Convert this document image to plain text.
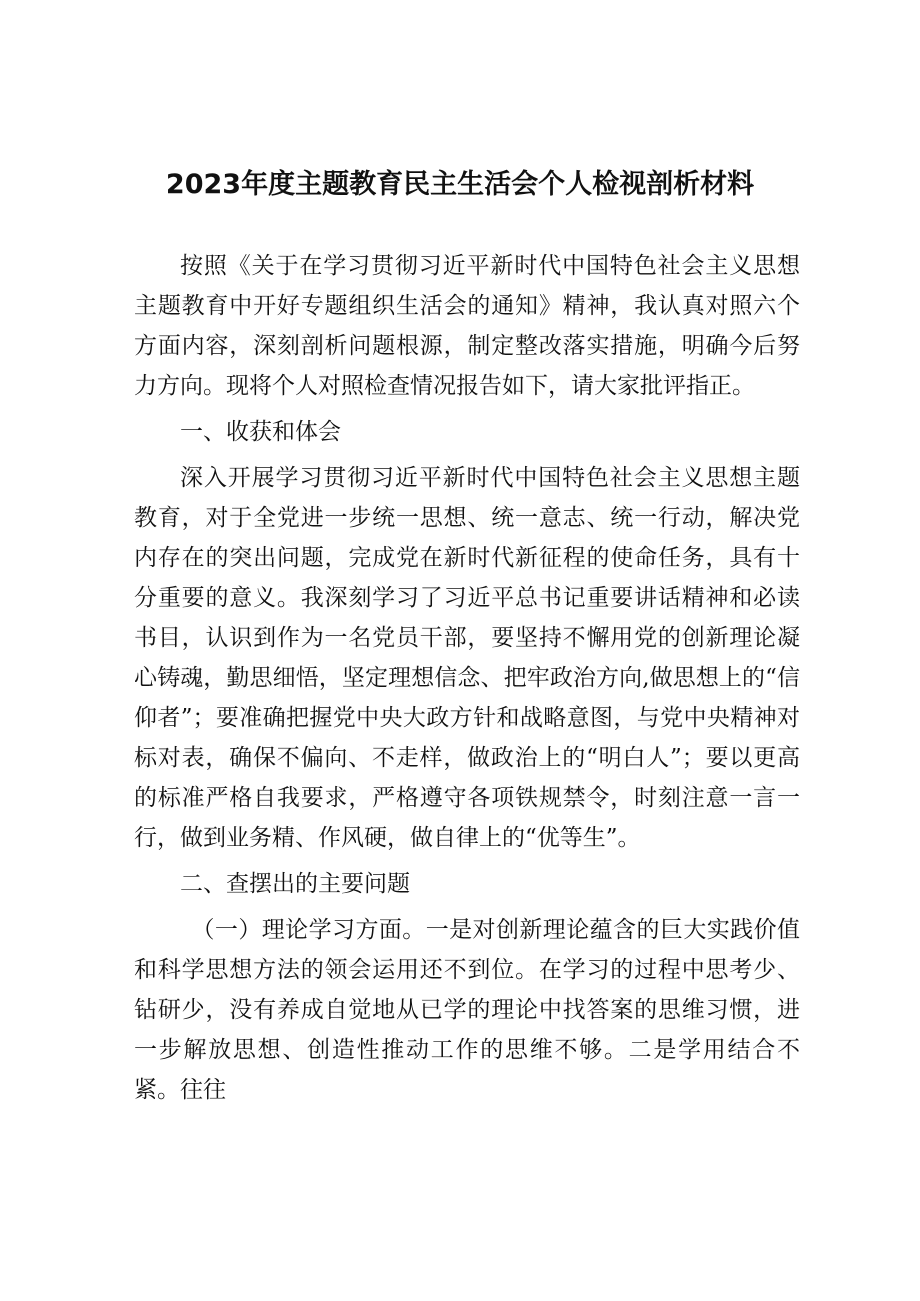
2023年度主题教育民主生活会个人检视剖析材料

按照《关于在学习贯彻习近平新时代中国特色社会主义思想主题教育中开好专题组织生活会的通知》精神，我认真对照六个方面内容，深刻剖析问题根源，制定整改落实措施，明确今后努力方向。现将个人对照检查情况报告如下，请大家批评指正。

一、收获和体会

深入开展学习贯彻习近平新时代中国特色社会主义思想主题教育，对于全党进一步统一思想、统一意志、统一行动，解决党内存在的突出问题，完成党在新时代新征程的使命任务，具有十分重要的意义。我深刻学习了习近平总书记重要讲话精神和必读书目，认识到作为一名党员干部，要坚持不懈用党的创新理论凝心铸魂，勤思细悟，坚定理想信念、把牢政治方向,做思想上的“信仰者”；要准确把握党中央大政方针和战略意图，与党中央精神对标对表，确保不偏向、不走样，做政治上的“明白人”；要以更高的标准严格自我要求，严格遵守各项铁规禁令，时刻注意一言一行，做到业务精、作风硬，做自律上的“优等生”。

二、查摆出的主要问题

（一）理论学习方面。一是对创新理论蕴含的巨大实践价值和科学思想方法的领会运用还不到位。在学习的过程中思考少、钻研少，没有养成自觉地从已学的理论中找答案的思维习惯，进一步解放思想、创造性推动工作的思维不够。二是学用结合不紧。往往
